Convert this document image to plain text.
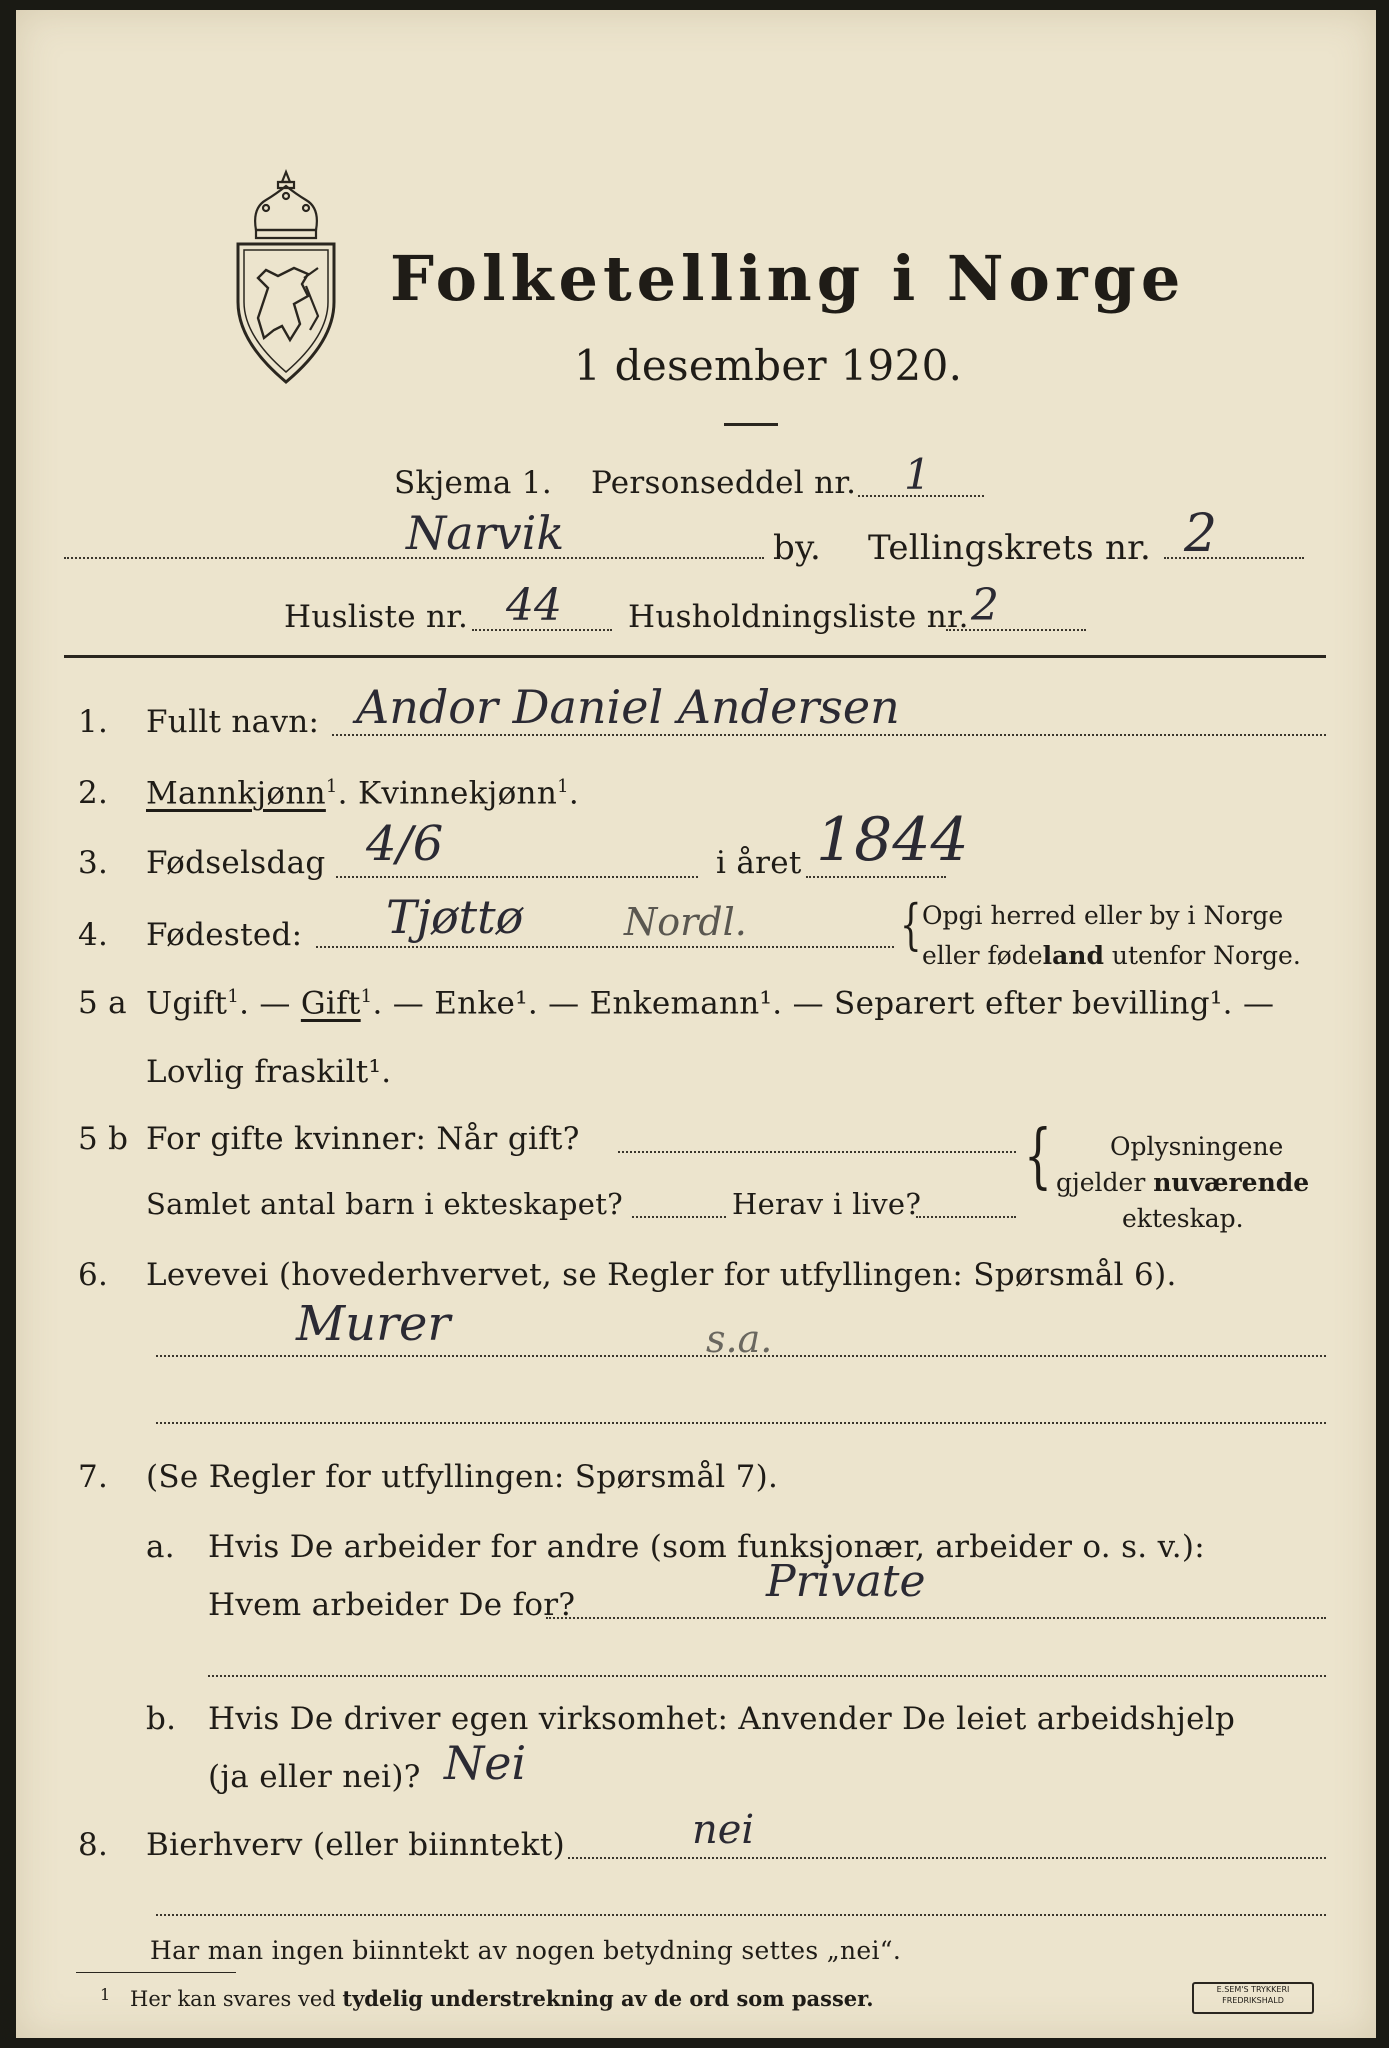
Folketelling i Norge
1 desember 1920.
Skjema 1. Personseddel nr. 1
Narvik	by. Tellingskrets nr. 2
Husliste nr. 44 Husholdningsliste nr. 2
1. Fullt navn: Andor Daniel Andersen
2. Mannkjønn$^1$. Kvinnekjønn$^1$.
3. Fødselsdag 4/6	i året 1844
4. Fødested: Tjøttø	Nordl.	{ Opgi herred eller by i Norge
eller fødeland utenfor Norge.
5 a Ugift$^1$. — Gift$^1$. — Enke¹. — Enkemann¹. — Separert efter bevilling¹. —
Lovlig fraskilt¹.
5 b For gifte kvinner: Når gift?
Samlet antal barn i ekteskapet?	Herav i live?
{ Oplysningene
gjelder nuværende
ekteskap.
6. Levevei (hovederhvervet, se Regler for utfyllingen: Spørsmål 6).
Murer	s.a.
7. (Se Regler for utfyllingen: Spørsmål 7).
a. Hvis De arbeider for andre (som funksjonær, arbeider o. s. v.):
Hvem arbeider De for?	Private
b. Hvis De driver egen virksomhet: Anvender De leiet arbeidshjelp
(ja eller nei)? Nei
8. Bierhverv (eller biinntekt)	nei
Har man ingen biinntekt av nogen betydning settes „nei“.
1 Her kan svares ved tydelig understrekning av de ord som passer.	E.SEM'S TRYKKERI
FREDRIKSHALD
